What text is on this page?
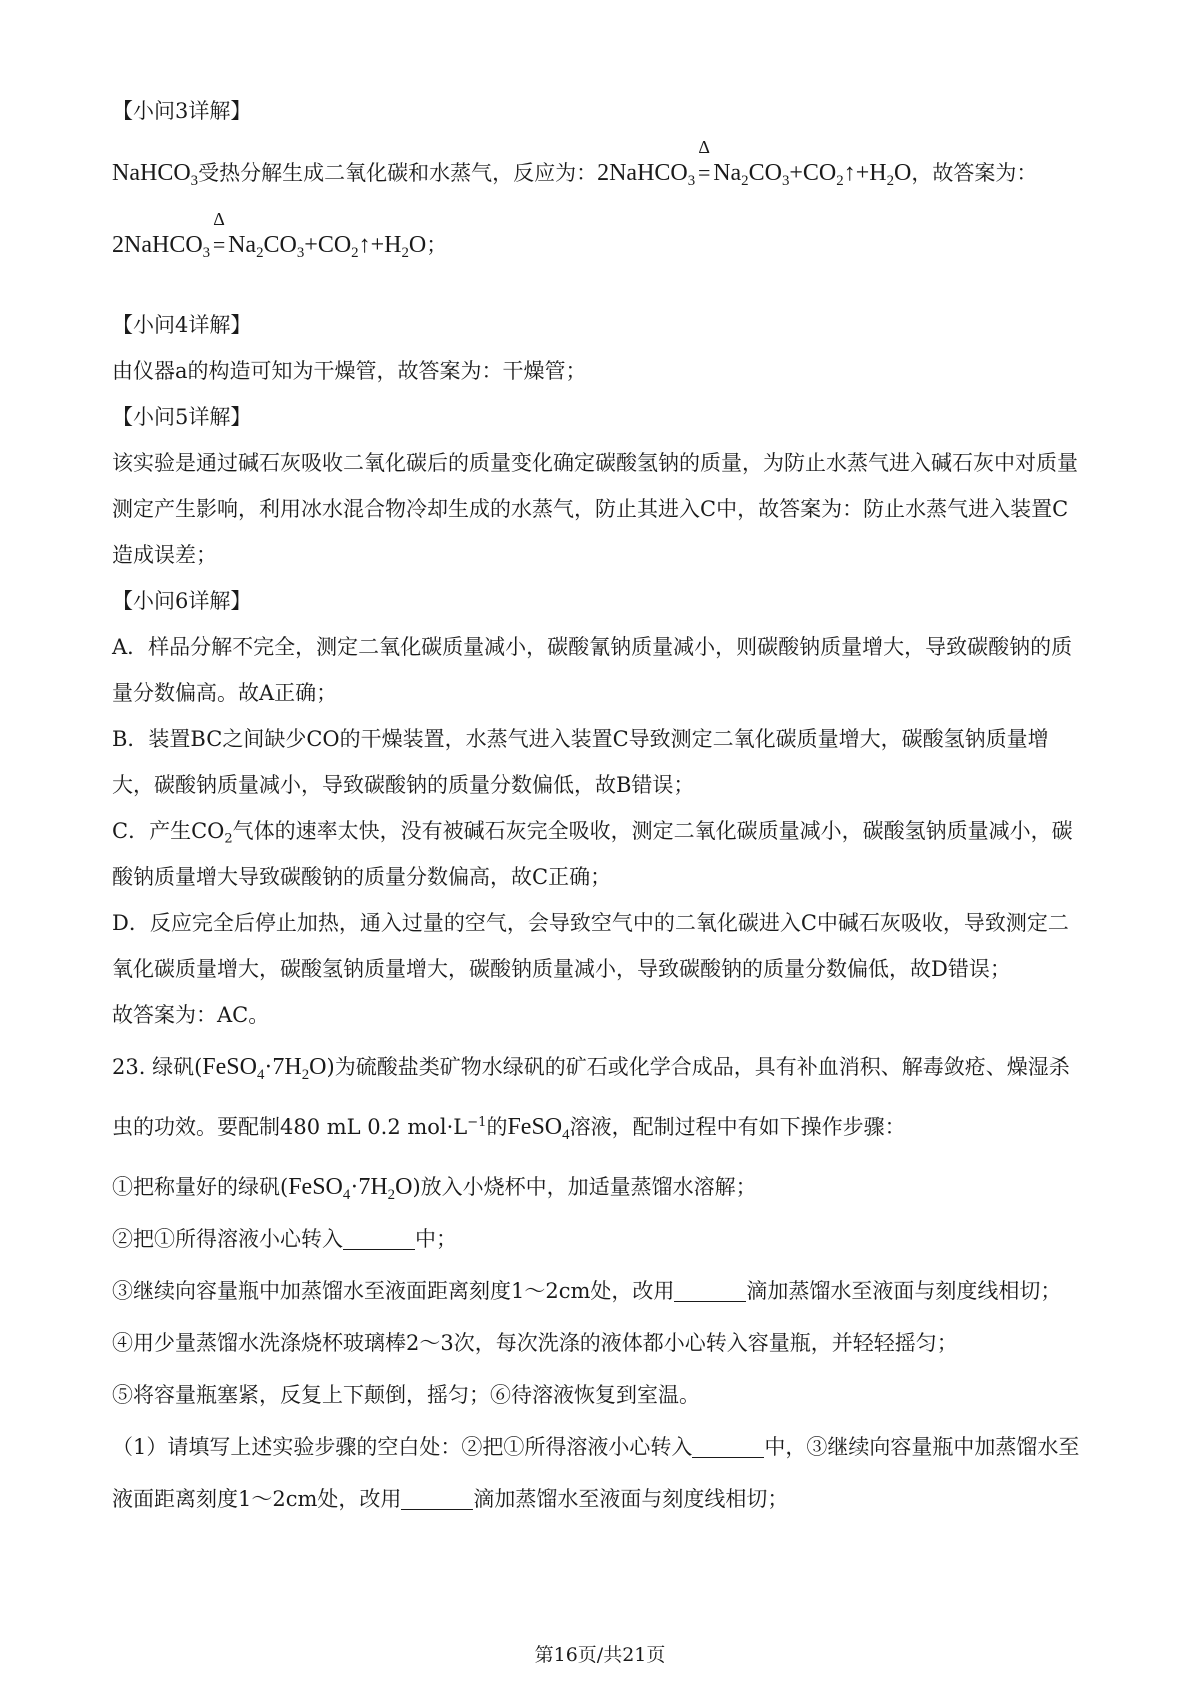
【小问3详解】
NaHCO$_3$受热分解生成二氧化碳和水蒸气，反应为：2NaHCO$_3$
Δ
= $Na_2CO_3+CO_2↑+H_2O$，故答案为：
2NaHCO$_3$
Δ
= $Na_2CO_3+CO_2↑+H_2O$；
【小问4详解】
由仪器a的构造可知为干燥管，故答案为：干燥管；
【小问5详解】
该实验是通过碱石灰吸收二氧化碳后的质量变化确定碳酸氢钠的质量，为防止水蒸气进入碱石灰中对质量
测定产生影响，利用冰水混合物冷却生成的水蒸气，防止其进入C中，故答案为：防止水蒸气进入装置C
造成误差；
【小问6详解】
A．样品分解不完全，测定二氧化碳质量减小，碳酸氰钠质量减小，则碳酸钠质量增大，导致碳酸钠的质
量分数偏高。故A正确；
B．装置BC之间缺少CO的干燥装置，水蒸气进入装置C导致测定二氧化碳质量增大，碳酸氢钠质量增
大，碳酸钠质量减小，导致碳酸钠的质量分数偏低，故B错误；
C．产生$CO_2$气体的速率太快，没有被碱石灰完全吸收，测定二氧化碳质量减小，碳酸氢钠质量减小，碳
酸钠质量增大导致碳酸钠的质量分数偏高，故C正确；
D．反应完全后停止加热，通入过量的空气，会导致空气中的二氧化碳进入C中碱石灰吸收，导致测定二
氧化碳质量增大，碳酸氢钠质量增大，碳酸钠质量减小，导致碳酸钠的质量分数偏低，故D错误；
故答案为：AC。
23. 绿矾$(FeSO_4\cdot 7H_2O)$为硫酸盐类矿物水绿矾的矿石或化学合成品，具有补血消积、解毒敛疮、燥湿杀
虫的功效。要配制480 mL 0.2 $mol\cdot L^{-1}$的FeSO$_4$溶液，配制过程中有如下操作步骤：
①把称量好的绿矾$(FeSO_4\cdot 7H_2O)$放入小烧杯中，加适量蒸馏水溶解；
②把①所得溶液小心转入	中；
③继续向容量瓶中加蒸馏水至液面距离刻度1～2cm处，改用	滴加蒸馏水至液面与刻度线相切；
④用少量蒸馏水洗涤烧杯玻璃棒2～3次，每次洗涤的液体都小心转入容量瓶，并轻轻摇匀；
⑤将容量瓶塞紧，反复上下颠倒，摇匀；⑥待溶液恢复到室温。
（1）请填写上述实验步骤的空白处：②把①所得溶液小心转入	中，③继续向容量瓶中加蒸馏水至
液面距离刻度1～2cm处，改用	滴加蒸馏水至液面与刻度线相切；
第16页/共21页
